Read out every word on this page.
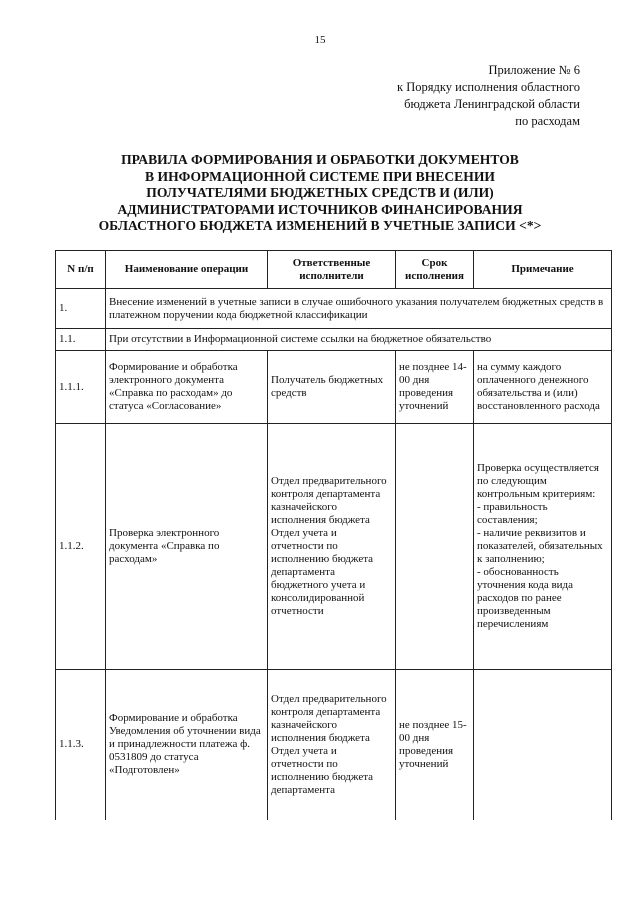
15
Приложение № 6
к Порядку исполнения областного
бюджета Ленинградской области
по расходам
ПРАВИЛА ФОРМИРОВАНИЯ И ОБРАБОТКИ ДОКУМЕНТОВ
В ИНФОРМАЦИОННОЙ СИСТЕМЕ ПРИ ВНЕСЕНИИ
ПОЛУЧАТЕЛЯМИ БЮДЖЕТНЫХ СРЕДСТВ И (ИЛИ)
АДМИНИСТРАТОРАМИ ИСТОЧНИКОВ ФИНАНСИРОВАНИЯ
ОБЛАСТНОГО БЮДЖЕТА ИЗМЕНЕНИЙ В УЧЕТНЫЕ ЗАПИСИ <*>
N п/п	Наименование операции	Ответственные исполнители	Срок исполнения	Примечание
1.	Внесение изменений в учетные записи в случае ошибочного указания получателем бюджетных средств в платежном поручении кода бюджетной классификации			
1.1.	При отсутствии в Информационной системе ссылки на бюджетное обязательство			
1.1.1.	Формирование и обработка электронного документа «Справка по расходам» до статуса «Согласование»	Получатель бюджетных средств	не позднее 14-00 дня проведения уточнений	на сумму каждого оплаченного денежного обязательства и (или) восстановленного расхода
1.1.2.	Проверка электронного документа «Справка по расходам»	Отдел предварительного контроля департамента казначейского исполнения бюджета Отдел учета и отчетности по исполнению бюджета департамента бюджетного учета и консолидированной отчетности		Проверка осуществляется по следующим контрольным критериям:
- правильность составления;
- наличие реквизитов и показателей, обязательных к заполнению;
- обоснованность уточнения кода вида расходов по ранее произведенным перечислениям

1.1.3.	Формирование и обработка Уведомления об уточнении вида и принадлежности платежа ф. 0531809 до статуса «Подготовлен»	Отдел предварительного контроля департамента казначейского исполнения бюджета Отдел учета и отчетности по исполнению бюджета департамента	не позднее 15-00 дня проведения уточнений	
